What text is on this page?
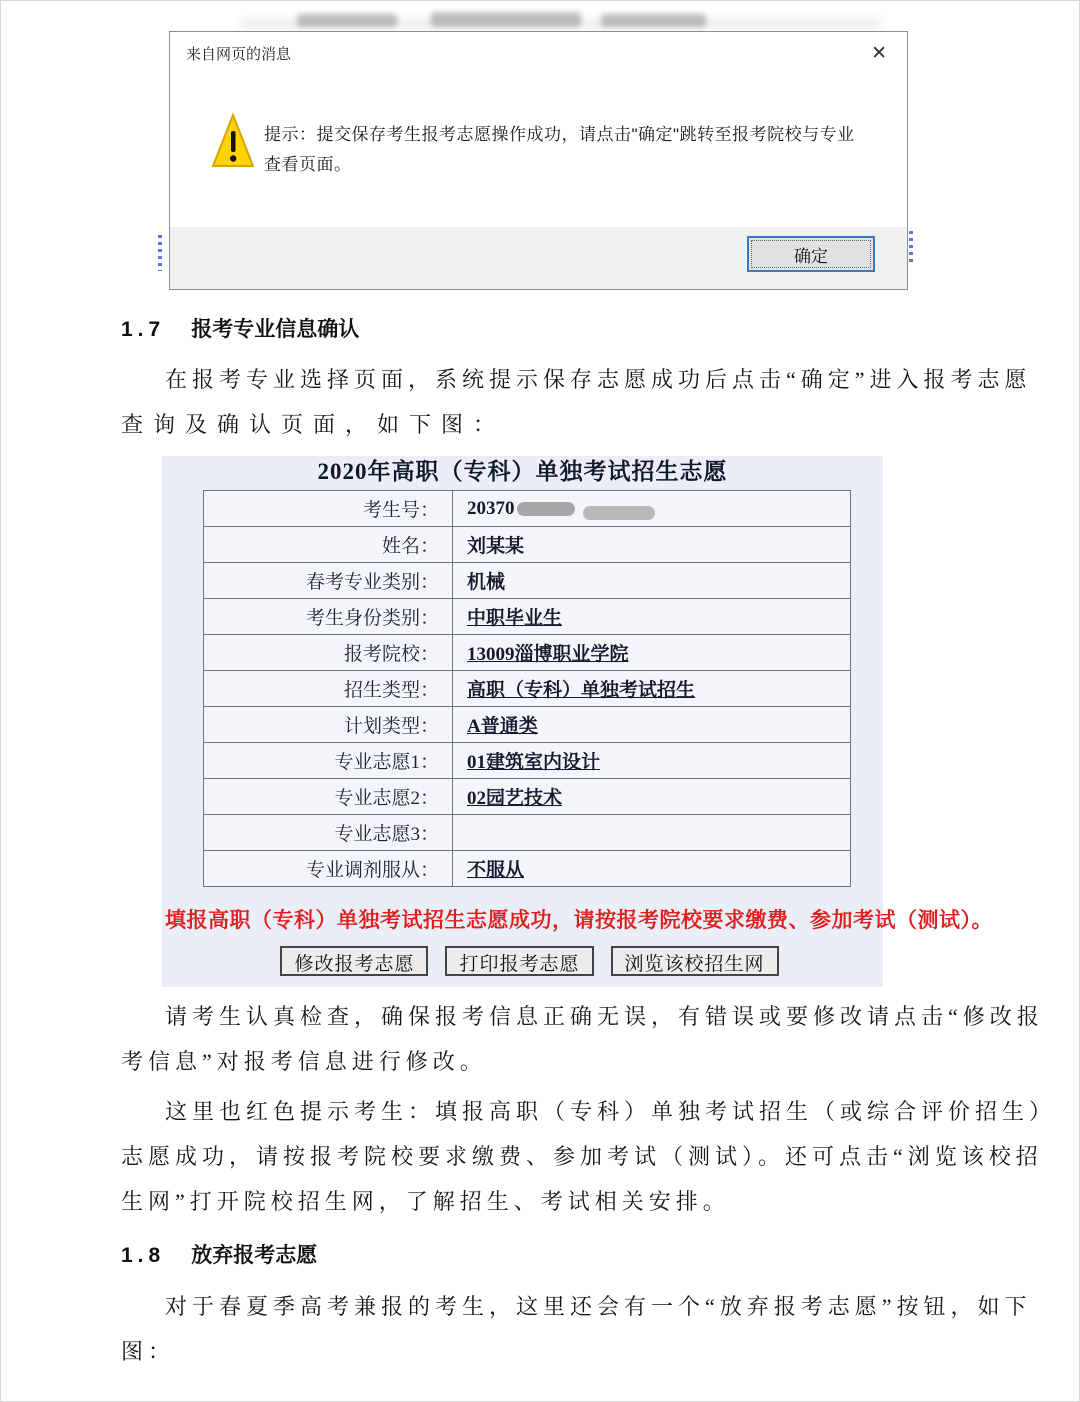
来自网页的消息	✕
提示：提交保存考生报考志愿操作成功，请点击"确定"跳转至报考院校与专业
查看页面。
确定
1.7 报考专业信息确认
在报考专业选择页面，系统提示保存志愿成功后点击“确定”进入报考志愿
查询及确认页面，如下图：
2020年高职（专科）单独考试招生志愿
考生号：	20370
姓名：	刘某某
春考专业类别：	机械
考生身份类别：	中职毕业生
报考院校：	13009淄博职业学院
招生类型：	高职（专科）单独考试招生
计划类型：	A普通类
专业志愿1：	01建筑室内设计
专业志愿2：	02园艺技术
专业志愿3：	
专业调剂服从：	不服从
填报高职（专科）单独考试招生志愿成功，请按报考院校要求缴费、参加考试（测试）。
修改报考志愿	打印报考志愿	浏览该校招生网
请考生认真检查，确保报考信息正确无误，有错误或要修改请点击“修改报
考信息”对报考信息进行修改。
这里也红色提示考生：填报高职（专科）单独考试招生（或综合评价招生）
志愿成功，请按报考院校要求缴费、参加考试（测试）。还可点击“浏览该校招
生网”打开院校招生网，了解招生、考试相关安排。
1.8 放弃报考志愿
对于春夏季高考兼报的考生，这里还会有一个“放弃报考志愿”按钮，如下
图：
